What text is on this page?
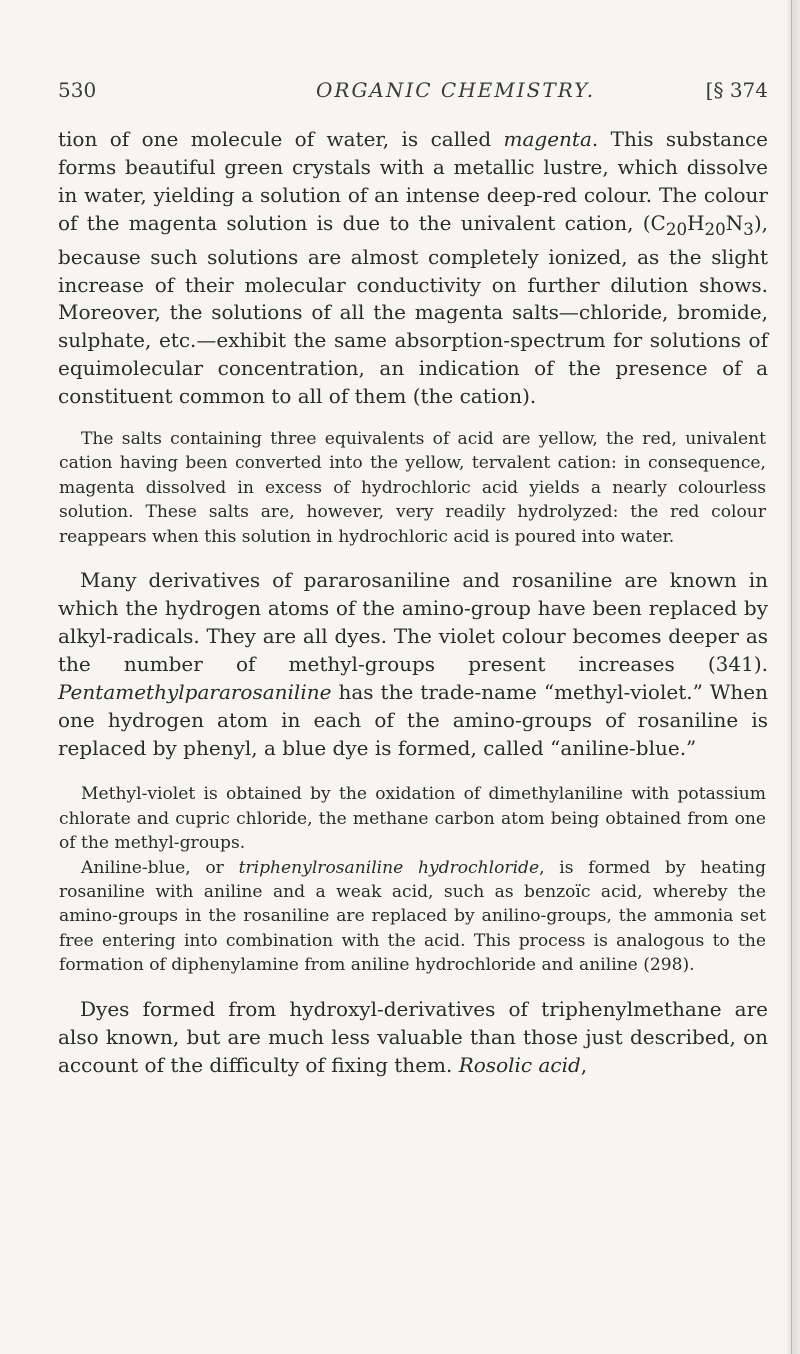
530	ORGANIC CHEMISTRY.	[§ 374

tion of one molecule of water, is called magenta. This substance forms beautiful green crystals with a metallic lustre, which dissolve in water, yielding a solution of an intense deep-red colour. The colour of the magenta solution is due to the univalent cation, $(C_{20}H_{20}N_3)$, because such solutions are almost completely ionized, as the slight increase of their molecular conductivity on further dilution shows. Moreover, the solutions of all the magenta salts—chloride, bromide, sulphate, etc.—exhibit the same absorption-spectrum for solutions of equimolecular concentration, an indication of the presence of a constituent common to all of them (the cation).

The salts containing three equivalents of acid are yellow, the red, univalent cation having been converted into the yellow, tervalent cation: in consequence, magenta dissolved in excess of hydrochloric acid yields a nearly colourless solution. These salts are, however, very readily hydrolyzed: the red colour reappears when this solution in hydrochloric acid is poured into water.

Many derivatives of pararosaniline and rosaniline are known in which the hydrogen atoms of the amino-group have been replaced by alkyl-radicals. They are all dyes. The violet colour becomes deeper as the number of methyl-groups present increases (341). Pentamethylpararosaniline has the trade-name “methyl-violet.” When one hydrogen atom in each of the amino-groups of rosaniline is replaced by phenyl, a blue dye is formed, called “aniline-blue.”

Methyl-violet is obtained by the oxidation of dimethylaniline with potassium chlorate and cupric chloride, the methane carbon atom being obtained from one of the methyl-groups.

Aniline-blue, or triphenylrosaniline hydrochloride, is formed by heating rosaniline with aniline and a weak acid, such as benzoïc acid, whereby the amino-groups in the rosaniline are replaced by anilino-groups, the ammonia set free entering into combination with the acid. This process is analogous to the formation of diphenylamine from aniline hydrochloride and aniline (298).

Dyes formed from hydroxyl-derivatives of triphenylmethane are also known, but are much less valuable than those just described, on account of the difficulty of fixing them. Rosolic acid,
